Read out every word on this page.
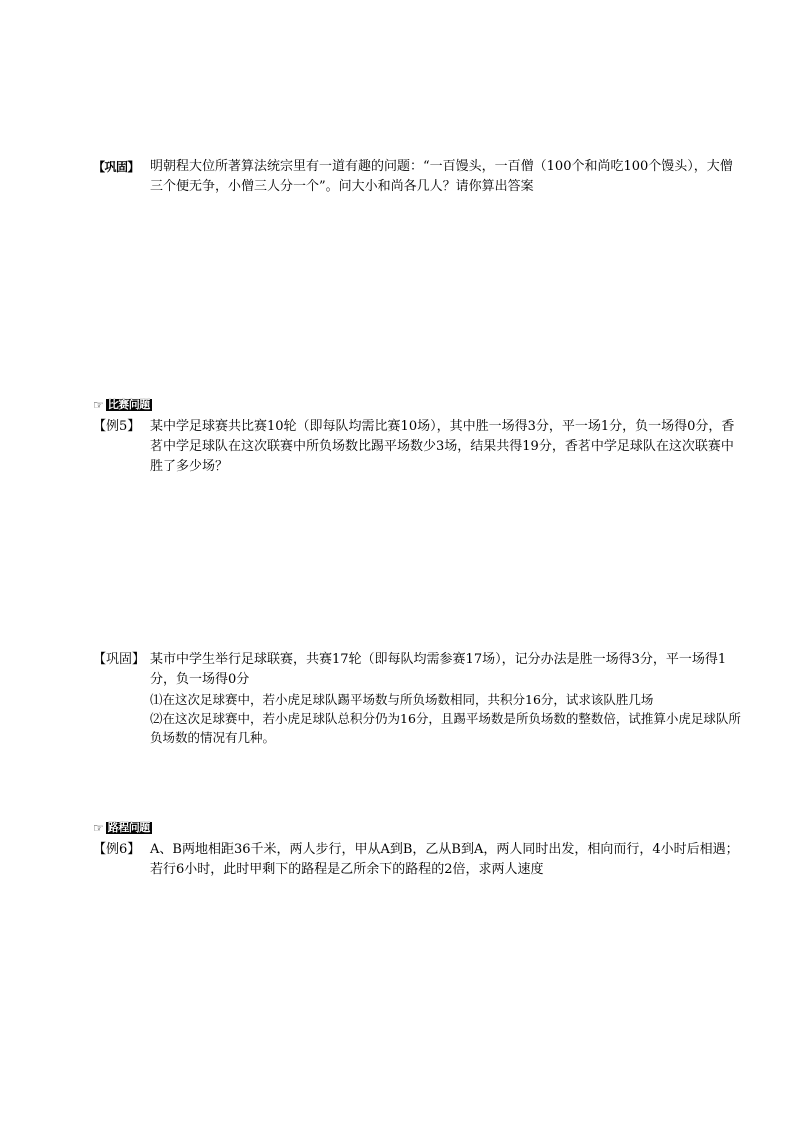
【巩固】 明朝程大位所著算法统宗里有一道有趣的问题：“一百馒头，一百僧（100个和尚吃100个馒头），大僧三个便无争，小僧三人分一个”。问大小和尚各几人？请你算出答案
☞ 比赛问题
【例5】 某中学足球赛共比赛10轮（即每队均需比赛10场），其中胜一场得3分，平一场1分，负一场得0分，香茗中学足球队在这次联赛中所负场数比踢平场数少3场，结果共得19分，香茗中学足球队在这次联赛中胜了多少场？
【巩固】 某市中学生举行足球联赛，共赛17轮（即每队均需参赛17场），记分办法是胜一场得3分，平一场得1分，负一场得0分
⑴在这次足球赛中，若小虎足球队踢平场数与所负场数相同，共积分16分，试求该队胜几场
⑵在这次足球赛中，若小虎足球队总积分仍为16分，且踢平场数是所负场数的整数倍，试推算小虎足球队所负场数的情况有几种。
☞ 路程问题
【例6】 A、B两地相距36千米，两人步行，甲从A到B，乙从B到A，两人同时出发，相向而行，4小时后相遇；若行6小时，此时甲剩下的路程是乙所余下的路程的2倍，求两人速度
